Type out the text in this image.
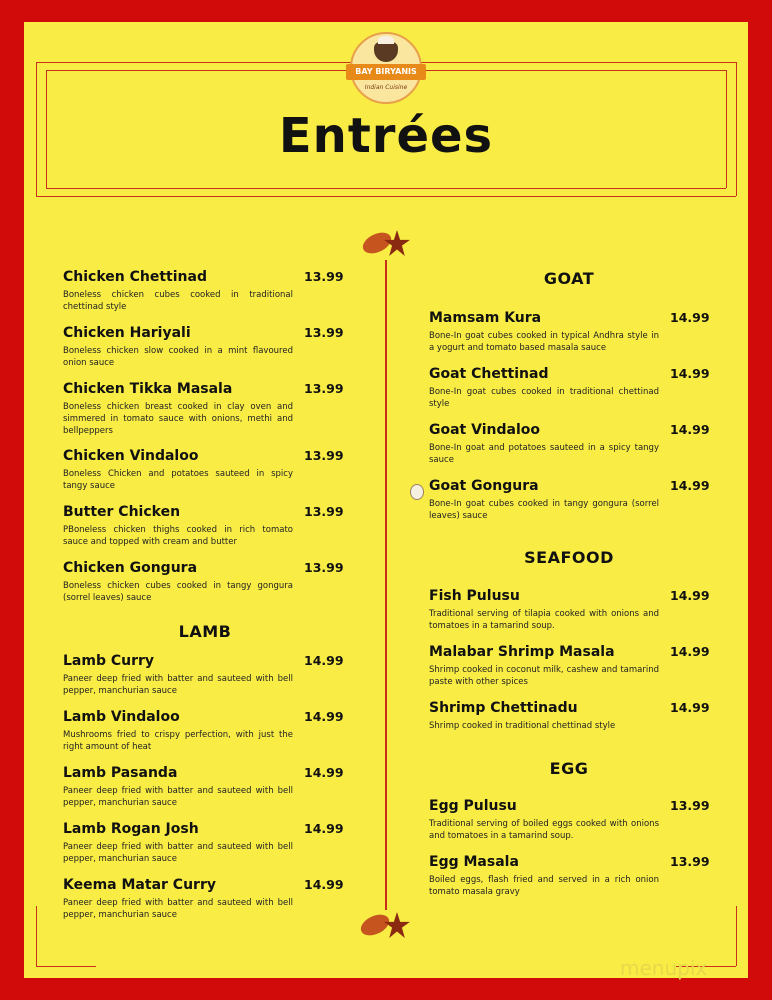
BAY BIRYANIS
Indian Cuisine
Entrées
Chicken Chettinad	13.99
Boneless chicken cubes cooked in traditional chettinad style
Chicken Hariyali	13.99
Boneless chicken slow cooked in a mint flavoured onion sauce
Chicken Tikka Masala	13.99
Boneless chicken breast cooked in clay oven and simmered in tomato sauce with onions, methi and bellpeppers
Chicken Vindaloo	13.99
Boneless Chicken and potatoes sauteed in spicy tangy sauce
Butter Chicken	13.99
PBoneless chicken thighs cooked in rich tomato sauce and topped with cream and butter
Chicken Gongura	13.99
Boneless chicken cubes cooked in tangy gongura (sorrel leaves) sauce
LAMB
Lamb Curry	14.99
Paneer deep fried with batter and sauteed with bell pepper, manchurian sauce
Lamb Vindaloo	14.99
Mushrooms fried to crispy perfection, with just the right amount of heat
Lamb Pasanda	14.99
Paneer deep fried with batter and sauteed with bell pepper, manchurian sauce
Lamb Rogan Josh	14.99
Paneer deep fried with batter and sauteed with bell pepper, manchurian sauce
Keema Matar Curry	14.99
Paneer deep fried with batter and sauteed with bell pepper, manchurian sauce
GOAT
Mamsam Kura	14.99
Bone-In goat cubes cooked in typical Andhra style in a yogurt and tomato based masala sauce
Goat Chettinad	14.99
Bone-In goat cubes cooked in traditional chettinad style
Goat Vindaloo	14.99
Bone-In goat and potatoes sauteed in a spicy tangy sauce
Goat Gongura	14.99
Bone-In goat cubes cooked in tangy gongura (sorrel leaves) sauce
SEAFOOD
Fish Pulusu	14.99
Traditional serving of tilapia cooked with onions and tomatoes in a tamarind soup.
Malabar Shrimp Masala	14.99
Shrimp cooked in coconut milk, cashew and tamarind paste with other spices
Shrimp Chettinadu	14.99
Shrimp cooked in traditional chettinad style
EGG
Egg Pulusu	13.99
Traditional serving of boiled eggs cooked with onions and tomatoes in a tamarind soup.
Egg Masala	13.99
Boiled eggs, flash fried and served in a rich onion tomato masala gravy
menupix
